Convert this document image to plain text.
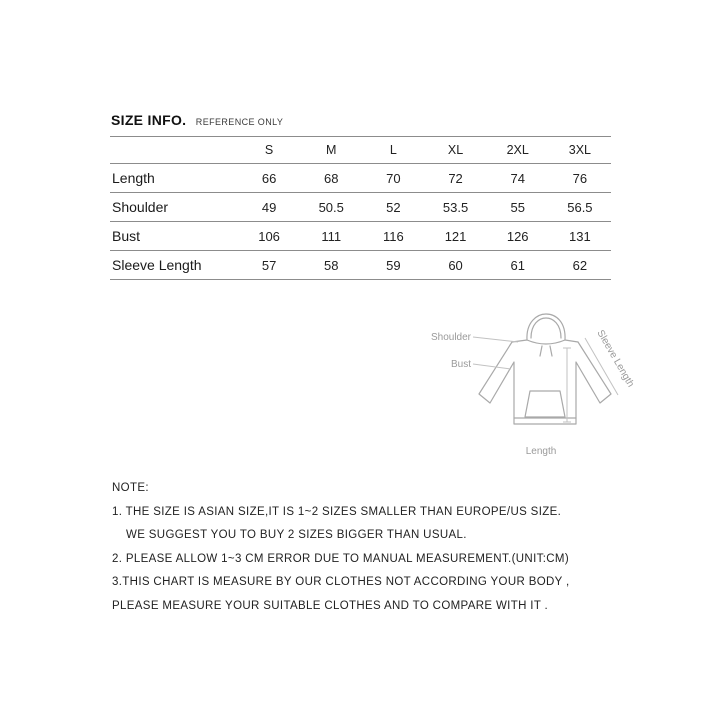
SIZE INFO. REFERENCE ONLY
	S	M	L	XL	2XL	3XL
Length	66	68	70	72	74	76
Shoulder	49	50.5	52	53.5	55	56.5
Bust	106	111	116	121	126	131
Sleeve Length	57	58	59	60	61	62
Shoulder
Bust	Sleeve Length
Length
NOTE:
1. THE SIZE IS ASIAN SIZE,IT IS 1~2 SIZES SMALLER THAN EUROPE/US SIZE.
WE SUGGEST YOU TO BUY 2 SIZES BIGGER THAN USUAL.
2. PLEASE ALLOW 1~3 CM ERROR DUE TO MANUAL MEASUREMENT.(UNIT:CM)
3.THIS CHART IS MEASURE BY OUR CLOTHES NOT ACCORDING YOUR BODY ,
PLEASE MEASURE YOUR SUITABLE CLOTHES AND TO COMPARE WITH IT .
